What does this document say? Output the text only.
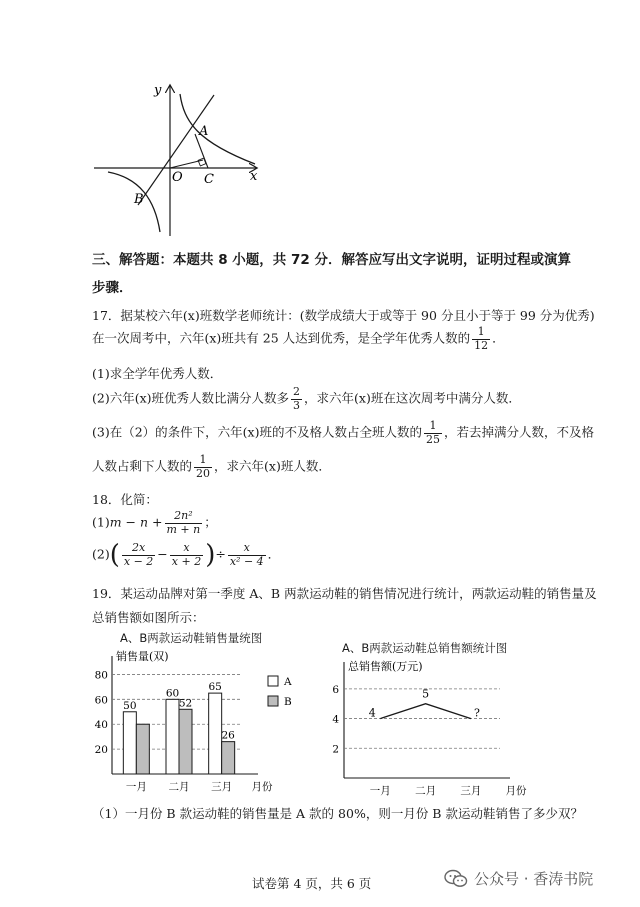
y
x
A
B
C
O
三、解答题：本题共 8 小题，共 72 分．解答应写出文字说明，证明过程或演算
步骤．
17．据某校六年(x)班数学老师统计：(数学成绩大于或等于 90 分且小于等于 99 分为优秀)
在一次周考中，六年(x)班共有 25 人达到优秀，是全学年优秀人数的 $\frac{1}{12}$ ．
(1)求全学年优秀人数．
(2)六年(x)班优秀人数比满分人数多 $\frac{2}{3}$ ，求六年(x)班在这次周考中满分人数．
(3)在（2）的条件下，六年(x)班的不及格人数占全班人数的 $\frac{1}{25}$ ，若去掉满分人数，不及格
人数占剩下人数的 $\frac{1}{20}$ ，求六年(x)班人数．
18．化简：
$(1)m - n + \frac{\text{2n²}}{m + n}$ ；
$(2)( \frac{2x}{x - 2} - \frac{x}{x + 2}$ )÷ $\frac{x}{\text{x² − 4}}$ ．
19．某运动品牌对第一季度 A、B 两款运动鞋的销售情况进行统计，两款运动鞋的销售量及
总销售额如图所示：
A、B两款运动鞋销售量统图
销售量(双)
20
40
60
80
50
一月
60
52
二月
65
26
三月 月份
A
B
A、B两款运动鞋总销售额统计图
总销售额(万元)
2
4
6
4
一月
5
二月
?
三月 月份
（1）一月份 B 款运动鞋的销售量是 A 款的 80%，则一月份 B 款运动鞋销售了多少双？
试卷第 4 页，共 6 页	公众号 · 香涛书院
